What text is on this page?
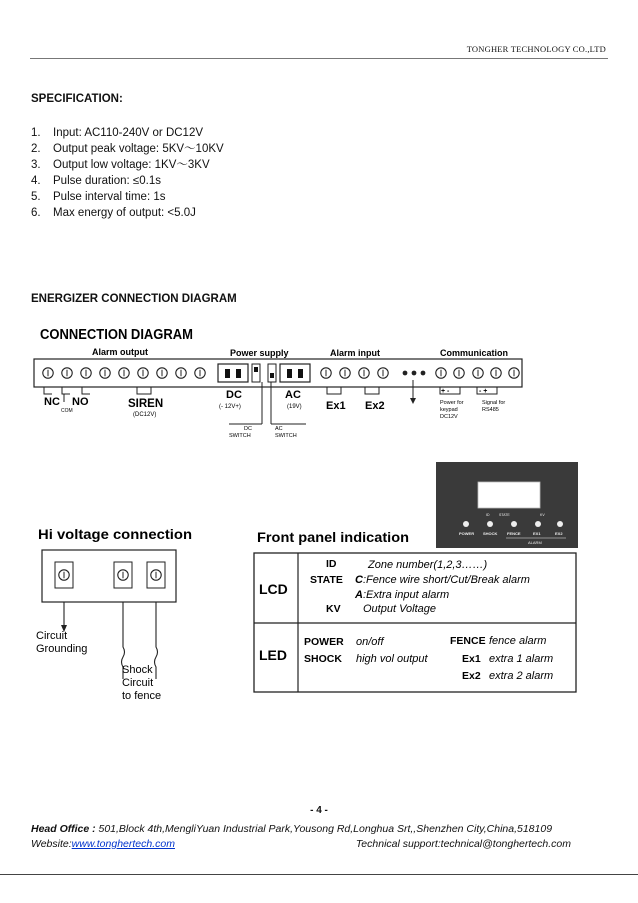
TONGHER TECHNOLOGY CO.,LTD
SPECIFICATION:
1. Input: AC110-240V or DC12V
2. Output peak voltage: 5KV～10KV
3. Output low voltage: 1KV～3KV
4. Pulse duration: ≤0.1s
5. Pulse interval time: 1s
6. Max energy of output: <5.0J
ENERGIZER CONNECTION DIAGRAM
CONNECTION DIAGRAM
Alarm output	Power supply	Alarm input	Communication
NC NO
COM
SIREN
(DC12V)
DC
(- 12V+)
AC
(19V) Ex1 Ex2
+ -	- +
Power for
keypad
DC12V
Signal for
RS485
DC
SWITCH
AC
SWITCH
ID	STATE	KV
POWER SHOCK FENCE	EX1	EX2
ALARM
Hi voltage connection
Circuit
Grounding
Shock
Circuit
to fence
Front panel indication
LCD
LED
ID	Zone number(1,2,3……)
STATE C :Fence wire short/Cut/Break alarm
A :Extra input alarm
KV Output Voltage
POWER on/off
SHOCK high vol output
FENCE fence alarm
Ex1 extra 1 alarm
Ex2 extra 2 alarm
- 4 -
Head Office : 501,Block 4th,MengliYuan Industrial Park,Yousong Rd,Longhua Srt,,Shenzhen City,China,518109
Website:www.tonghertech.com	Technical support:technical@tonghertech.com
